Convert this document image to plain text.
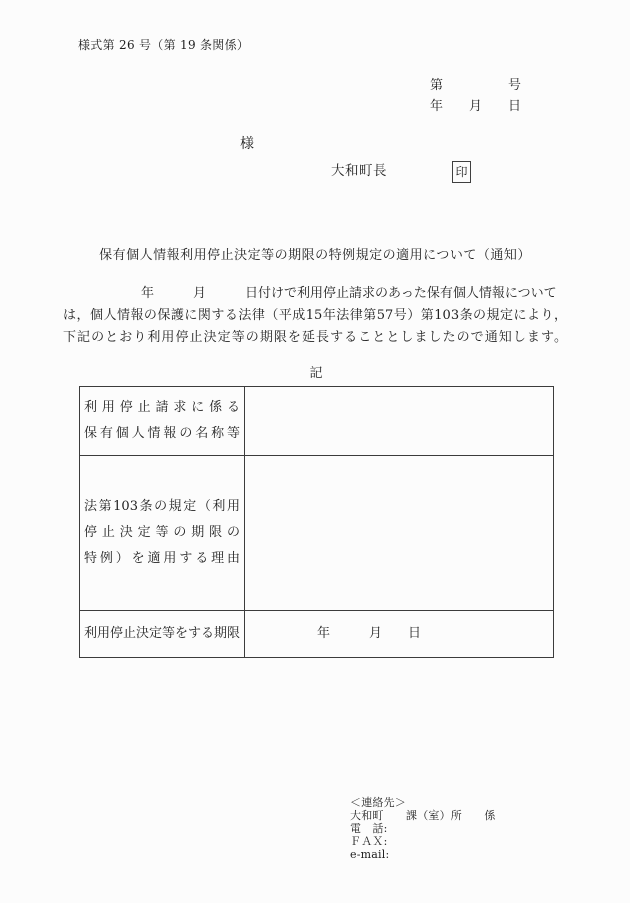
様式第 26 号（第 19 条関係）
第　　　　　号
年　　月　　日
様
大和町長	印
保有個人情報利用停止決定等の期限の特例規定の適用について（通知）
　　　　　　年　　　月　　　日付けで利用停止請求のあった保有個人情報について
は，個人情報の保護に関する法律（平成15年法律第57号）第103条の規定により，
下記のとおり利用停止決定等の期限を延長することとしましたので通知します。
記
利用停止請求に係る
保有個人情報の名称等	

法第103条の規定（利用
停止決定等の期限の
特例）を適用する理由	

利用停止決定等をする期限	年　　　月　　日
＜連絡先＞
大和町　　課（室）所　　係
電　話:
ＦＡＸ:
e-mail:
